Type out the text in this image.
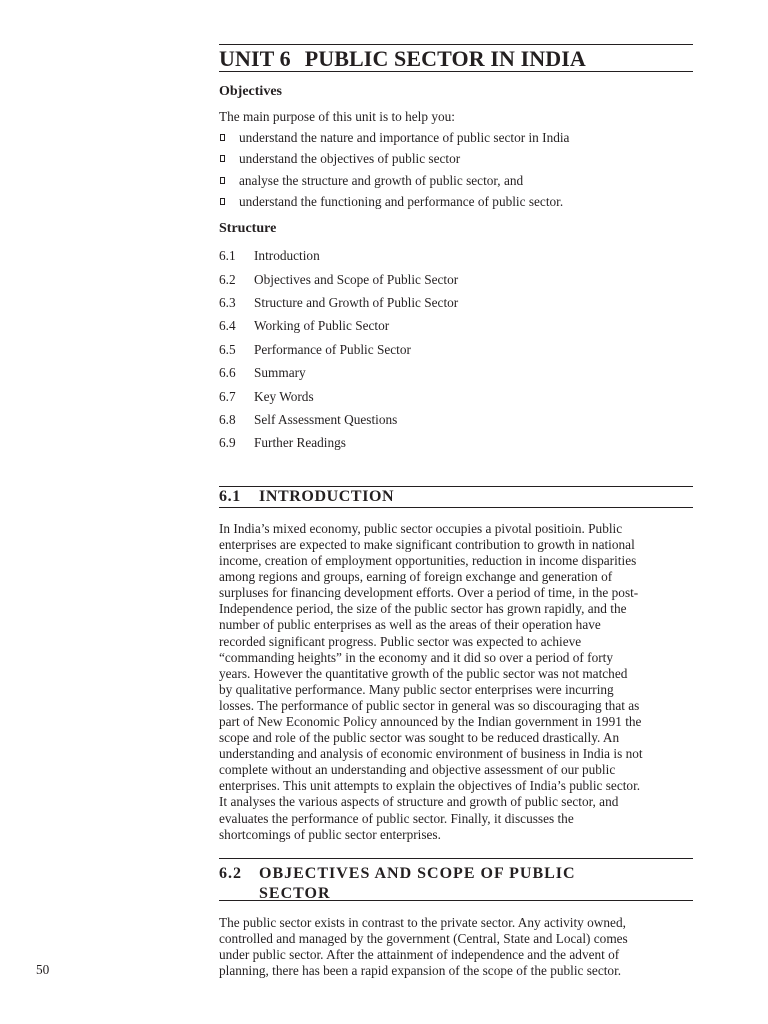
UNIT 6 PUBLIC SECTOR IN INDIA
Objectives
The main purpose of this unit is to help you:
understand the nature and importance of public sector in India
understand the objectives of public sector
analyse the structure and growth of public sector, and
understand the functioning and performance of public sector.
Structure
6.1 Introduction
6.2 Objectives and Scope of Public Sector
6.3 Structure and Growth of Public Sector
6.4 Working of Public Sector
6.5 Performance of Public Sector
6.6 Summary
6.7 Key Words
6.8 Self Assessment Questions
6.9 Further Readings
6.1 INTRODUCTION
In India’s mixed economy, public sector occupies a pivotal positioin. Public
enterprises are expected to make significant contribution to growth in national
income, creation of employment opportunities, reduction in income disparities
among regions and groups, earning of foreign exchange and generation of
surpluses for financing development efforts. Over a period of time, in the post-
Independence period, the size of the public sector has grown rapidly, and the
number of public enterprises as well as the areas of their operation have
recorded significant progress. Public sector was expected to achieve
“commanding heights” in the economy and it did so over a period of forty
years. However the quantitative growth of the public sector was not matched
by qualitative performance. Many public sector enterprises were incurring
losses. The performance of public sector in general was so discouraging that as
part of New Economic Policy announced by the Indian government in 1991 the
scope and role of the public sector was sought to be reduced drastically. An
understanding and analysis of economic environment of business in India is not
complete without an understanding and objective assessment of our public
enterprises. This unit attempts to explain the objectives of India’s public sector.
It analyses the various aspects of structure and growth of public sector, and
evaluates the performance of public sector. Finally, it discusses the
shortcomings of public sector enterprises.
6.2 OBJECTIVES AND SCOPE OF PUBLIC
SECTOR
The public sector exists in contrast to the private sector. Any activity owned,
controlled and managed by the government (Central, State and Local) comes
under public sector. After the attainment of independence and the advent of
planning, there has been a rapid expansion of the scope of the public sector.
50
